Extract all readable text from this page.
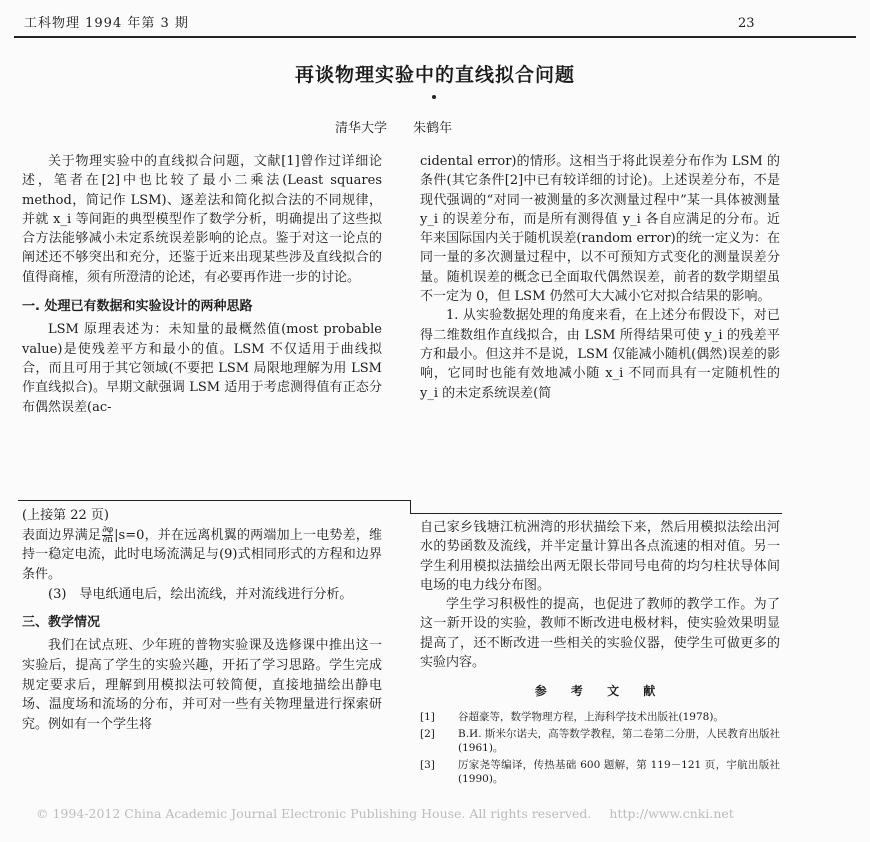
工科物理 1994 年第 3 期	23
再谈物理实验中的直线拟合问题
清华大学 朱鹤年

关于物理实验中的直线拟合问题，文献[1]曾作过详细论述，笔者在[2]中也比较了最小二乘法(Least squares method，简记作 LSM)、逐差法和简化拟合法的不同规律，并就 x_i 等间距的典型模型作了数学分析，明确提出了这些拟合方法能够减小未定系统误差影响的论点。鉴于对这一论点的阐述还不够突出和充分，还鉴于近来出现某些涉及直线拟合的值得商榷，须有所澄清的论述，有必要再作进一步的讨论。

一. 处理已有数据和实验设计的两种思路

LSM 原理表述为：未知量的最概然值(most probable value)是使残差平方和最小的值。LSM 不仅适用于曲线拟合，而且可用于其它领域(不要把 LSM 局限地理解为用 LSM 作直线拟合)。早期文献强调 LSM 适用于考虑测得值有正态分布偶然误差(ac-

cidental error)的情形。这相当于将此误差分布作为 LSM 的条件(其它条件[2]中已有较详细的讨论)。上述误差分布，不是现代强调的“对同一被测量的多次测量过程中”某一具体被测量 y_i 的误差分布，而是所有测得值 y_i 各自应满足的分布。近年来国际国内关于随机误差(random error)的统一定义为：在同一量的多次测量过程中，以不可预知方式变化的测量误差分量。随机误差的概念已全面取代偶然误差，前者的数学期望虽不一定为 0，但 LSM 仍然可大大减小它对拟合结果的影响。

1. 从实验数据处理的角度来看，在上述分布假设下，对已得二维数组作直线拟合，由 LSM 所得结果可使 y_i 的残差平方和最小。但这并不是说，LSM 仅能减小随机(偶然)误差的影响，它同时也能有效地减小随 x_i 不同而具有一定随机性的 y_i 的未定系统误差(简

(上接第 22 页)

表面边界满足 $\frac{\partial\varphi}{\partial n} |s=0$，并在远离机翼的两端加上一电势差，维持一稳定电流，此时电场流满足与(9)式相同形式的方程和边界条件。

(3)　导电纸通电后，绘出流线，并对流线进行分析。

三、教学情况

我们在试点班、少年班的普物实验课及选修课中推出这一实验后，提高了学生的实验兴趣，开拓了学习思路。学生完成规定要求后，理解到用模拟法可较简便，直接地描绘出静电场、温度场和流场的分布，并可对一些有关物理量进行探索研究。例如有一个学生将

自己家乡钱塘江杭洲湾的形状描绘下来，然后用模拟法绘出河水的势函数及流线，并半定量计算出各点流速的相对值。另一学生利用模拟法描绘出两无限长带同号电荷的均匀柱状导体间电场的电力线分布图。

学生学习积极性的提高，也促进了教师的教学工作。为了这一新开设的实验，教师不断改进电极材料，使实验效果明显提高了，还不断改进一些相关的实验仪器，使学生可做更多的实验内容。

参 考 文 献

[1]	谷超豪等，数学物理方程，上海科学技术出版社(1978)。

[2]	B.И. 斯米尔诺夫，高等数学教程，第二卷第二分册，人民教育出版社(1961)。

[3]	厉家尧等编译，传热基础 600 题解，第 119－121 页，宇航出版社(1990)。

© 1994-2012 China Academic Journal Electronic Publishing House. All rights reserved. http://www.cnki.net
